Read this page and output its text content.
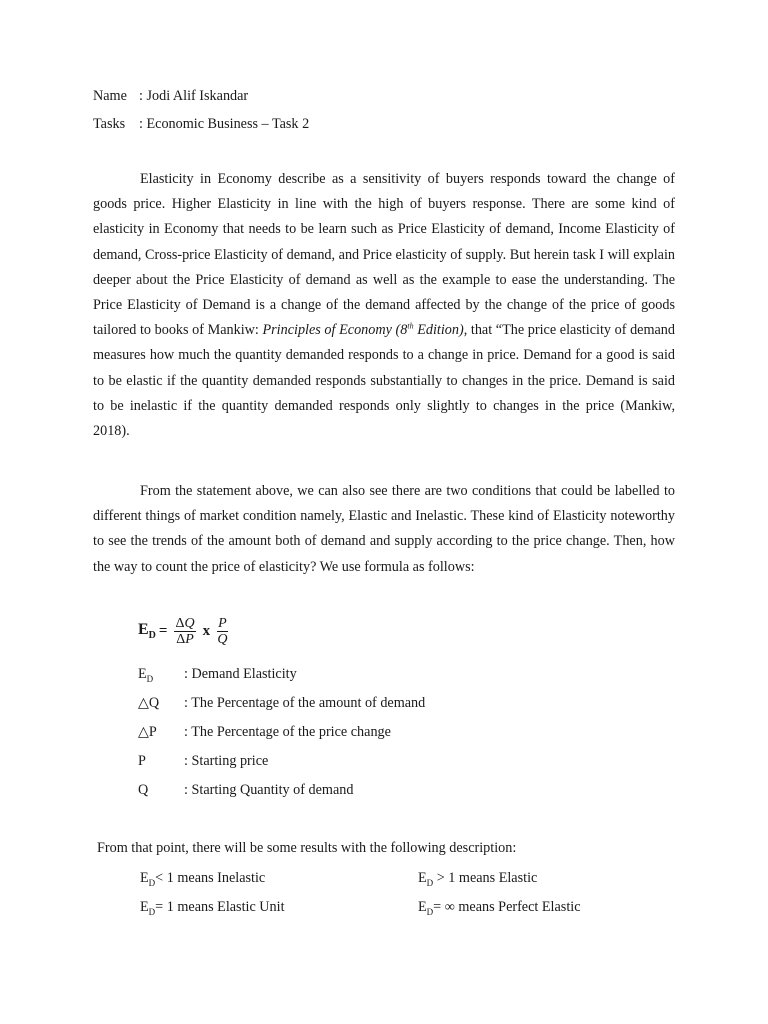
Name : Jodi Alif Iskandar
Tasks : Economic Business – Task 2

Elasticity in Economy describe as a sensitivity of buyers responds toward the change of goods price. Higher Elasticity in line with the high of buyers response. There are some kind of elasticity in Economy that needs to be learn such as Price Elasticity of demand, Income Elasticity of demand, Cross-price Elasticity of demand, and Price elasticity of supply. But herein task I will explain deeper about the Price Elasticity of demand as well as the example to ease the understanding. The Price Elasticity of Demand is a change of the demand affected by the change of the price of goods tailored to books of Mankiw: Principles of Economy (8th Edition), that “The price elasticity of demand measures how much the quantity demanded responds to a change in price. Demand for a good is said to be elastic if the quantity demanded responds substantially to changes in the price. Demand is said to be inelastic if the quantity demanded responds only slightly to changes in the price (Mankiw, 2018).

From the statement above, we can also see there are two conditions that could be labelled to different things of market condition namely, Elastic and Inelastic. These kind of Elasticity noteworthy to see the trends of the amount both of demand and supply according to the price change. Then, how the way to count the price of elasticity? We use formula as follows:

$E_D = \frac{\Delta Q}{\Delta P}$ x $\frac{P}{Q}$
$E_D$	: Demand Elasticity
△Q	: The Percentage of the amount of demand
△P	: The Percentage of the price change
P	: Starting price
Q	: Starting Quantity of demand
From that point, there will be some results with the following description:
$E_D< 1$ means Inelastic	$E_D > 1$ means Elastic
$E_D= 1$ means Elastic Unit	$E_D=$ ∞ means Perfect Elastic
